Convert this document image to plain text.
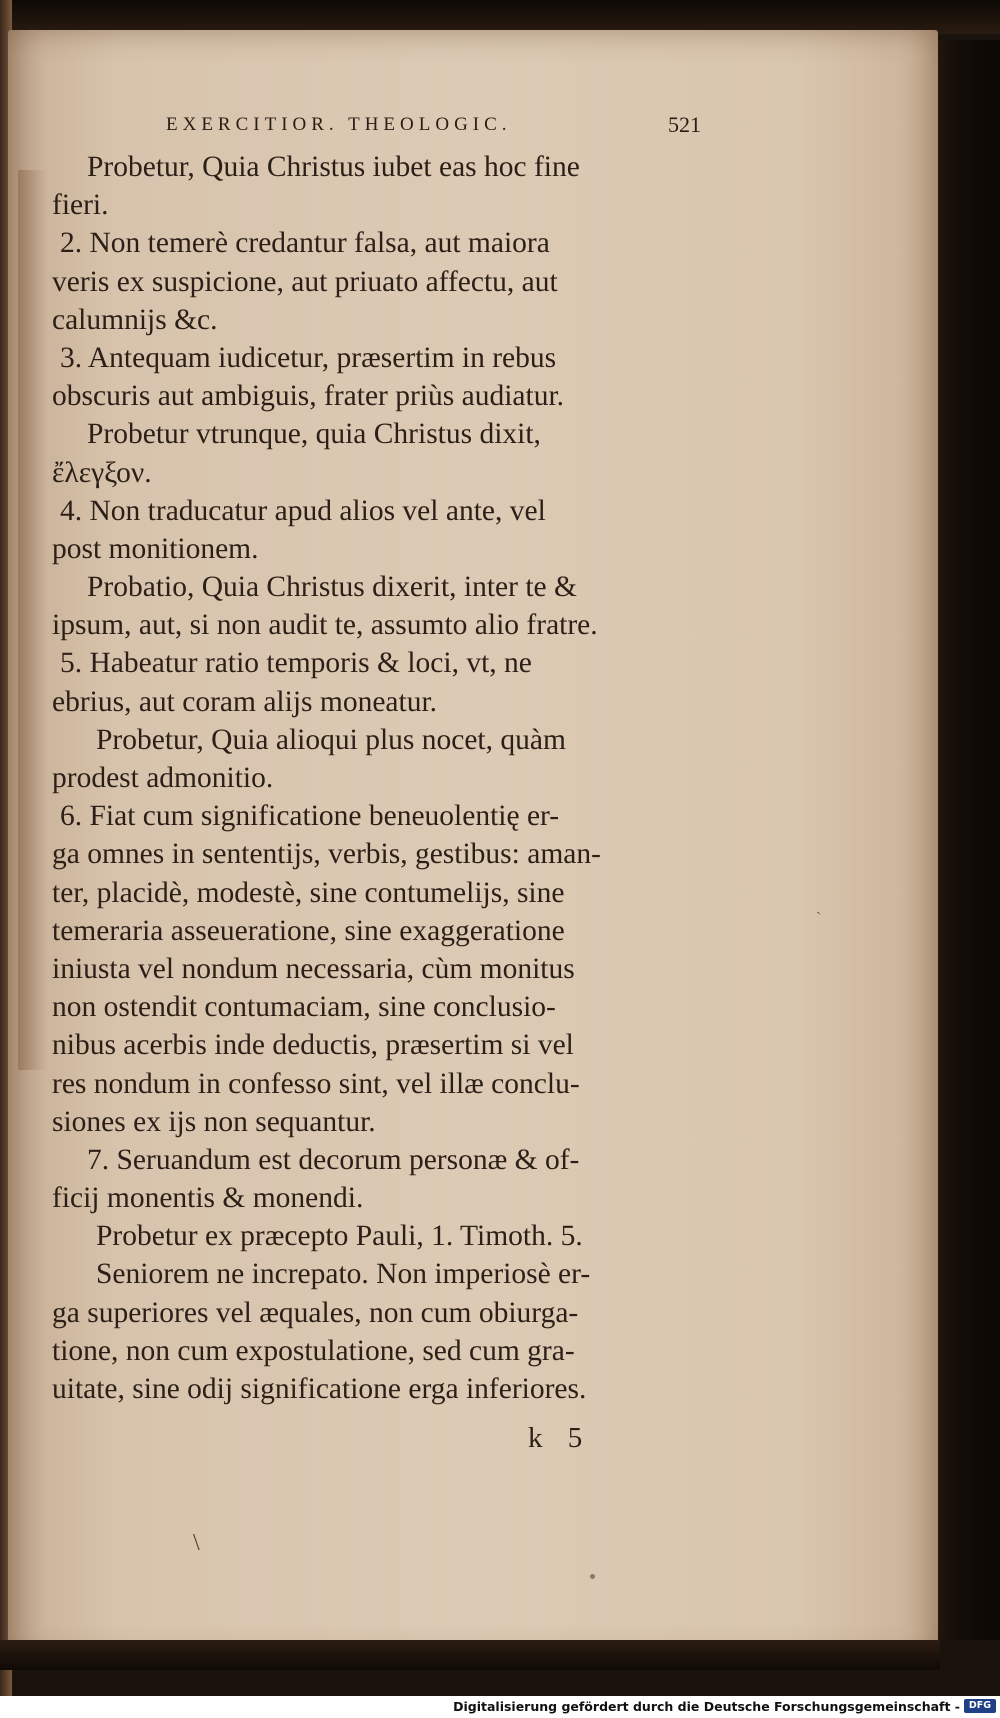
EXERCITIOR. THEOLOGIC.	521
Probetur, Quia Christus iubet eas hoc fine
fieri.
2. Non temerè credantur falsa, aut maiora
veris ex suspicione, aut priuato affectu, aut
calumnijs &c.
3. Antequam iudicetur, præsertim in rebus
obscuris aut ambiguis, frater priùs audiatur.
Probetur vtrunque, quia Christus dixit,
ἔλεγξον.
4. Non traducatur apud alios vel ante, vel
post monitionem.
Probatio, Quia Christus dixerit, inter te &
ipsum, aut, si non audit te, assumto alio fratre.
5. Habeatur ratio temporis & loci, vt, ne
ebrius, aut coram alijs moneatur.
Probetur, Quia alioqui plus nocet, quàm
prodest admonitio.
6. Fiat cum significatione beneuolentię er-
ga omnes in sententijs, verbis, gestibus: aman-
ter, placidè, modestè, sine contumelijs, sine
temeraria asseueratione, sine exaggeratione
iniusta vel nondum necessaria, cùm monitus
non ostendit contumaciam, sine conclusio-
nibus acerbis inde deductis, præsertim si vel
res nondum in confesso sint, vel illæ conclu-
siones ex ijs non sequantur.
7. Seruandum est decorum personæ & of-
ficij monentis & monendi.
Probetur ex præcepto Pauli, 1. Timoth. 5.
Seniorem ne increpato. Non imperiosè er-
ga superiores vel æquales, non cum obiurga-
tione, non cum expostulatione, sed cum gra-
uitate, sine odij significatione erga inferiores.
k 5
\
ˎ
Digitalisierung gefördert durch die Deutsche Forschungsgemeinschaft - DFG
